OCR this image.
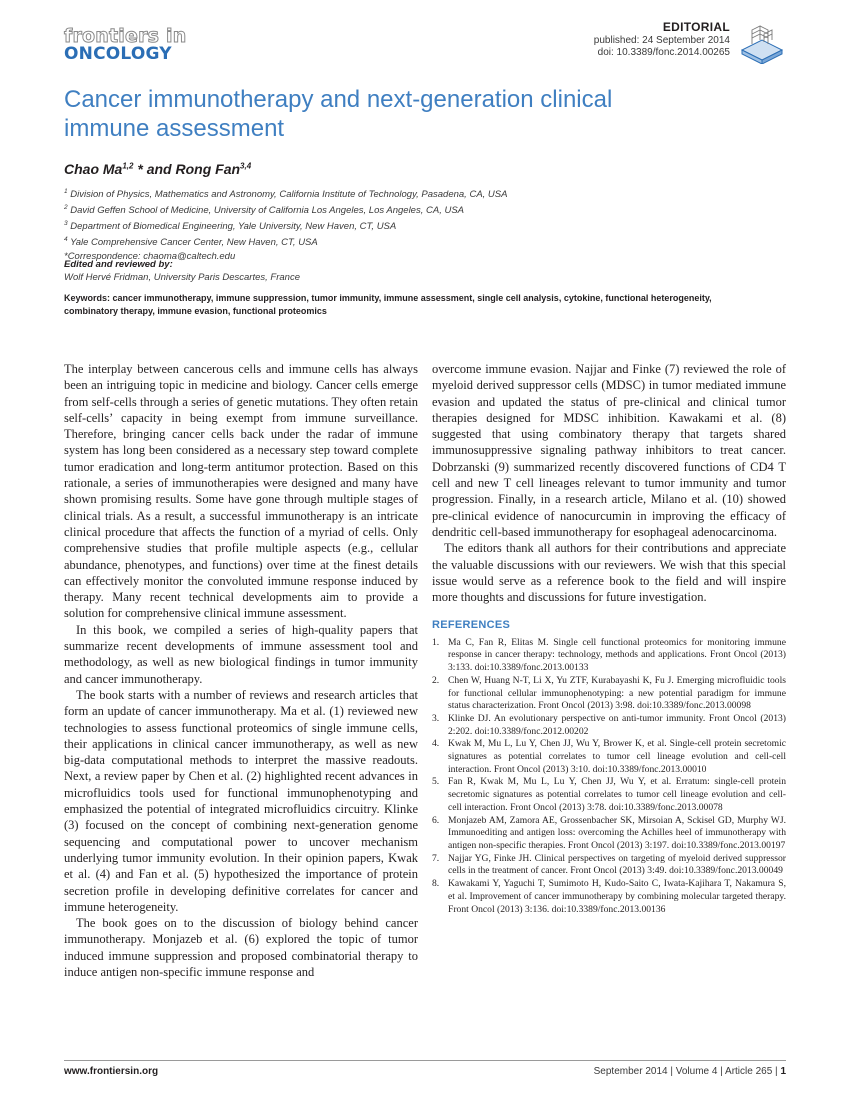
frontiers in
ONCOLOGY
EDITORIAL
published: 24 September 2014
doi: 10.3389/fonc.2014.00265
Cancer immunotherapy and next-generation clinical
immune assessment
Chao Ma$^{1,2}$ * and Rong Fan$^{3,4}$
$^1$ Division of Physics, Mathematics and Astronomy, California Institute of Technology, Pasadena, CA, USA
$^2$ David Geffen School of Medicine, University of California Los Angeles, Los Angeles, CA, USA
$^3$ Department of Biomedical Engineering, Yale University, New Haven, CT, USA
$^4$ Yale Comprehensive Cancer Center, New Haven, CT, USA
*Correspondence: chaoma@caltech.edu
Edited and reviewed by:
Wolf Hervé Fridman, University Paris Descartes, France
Keywords: cancer immunotherapy, immune suppression, tumor immunity, immune assessment, single cell analysis, cytokine, functional heterogeneity,
combinatory therapy, immune evasion, functional proteomics

The interplay between cancerous cells and immune cells has always been an intriguing topic in medicine and biology. Cancer cells emerge from self-cells through a series of genetic mutations. They often retain self-cells’ capacity in being exempt from immune surveillance. Therefore, bringing cancer cells back under the radar of immune system has long been considered as a necessary step toward complete tumor eradication and long-term antitumor protection. Based on this rationale, a series of immunotherapies were designed and many have shown promising results. Some have gone through multiple stages of clinical trials. As a result, a successful immunotherapy is an intricate clinical procedure that affects the function of a myriad of cells. Only comprehensive studies that profile multiple aspects (e.g., cellular abundance, phenotypes, and functions) over time at the finest details can effectively monitor the convoluted immune response induced by therapy. Many recent technical developments aim to provide a solution for comprehensive clinical immune assessment.

In this book, we compiled a series of high-quality papers that summarize recent developments of immune assessment tool and methodology, as well as new biological findings in tumor immunity and cancer immunotherapy.

The book starts with a number of reviews and research articles that form an update of cancer immunotherapy. Ma et al. (1) reviewed new technologies to assess functional proteomics of single immune cells, their applications in clinical cancer immunotherapy, as well as new big-data computational methods to interpret the massive readouts. Next, a review paper by Chen et al. (2) highlighted recent advances in microfluidics tools used for functional immunophenotyping and emphasized the potential of integrated microfluidics circuitry. Klinke (3) focused on the concept of combining next-generation genome sequencing and computational power to uncover mechanism underlying tumor immunity evolution. In their opinion papers, Kwak et al. (4) and Fan et al. (5) hypothesized the importance of protein secretion profile in developing definitive correlates for cancer and immune heterogeneity.

The book goes on to the discussion of biology behind cancer immunotherapy. Monjazeb et al. (6) explored the topic of tumor induced immune suppression and proposed combinatorial therapy to induce antigen non-specific immune response and

overcome immune evasion. Najjar and Finke (7) reviewed the role of myeloid derived suppressor cells (MDSC) in tumor mediated immune evasion and updated the status of pre-clinical and clinical tumor therapies designed for MDSC inhibition. Kawakami et al. (8) suggested that using combinatory therapy that targets shared immunosuppressive signaling pathway inhibitors to treat cancer. Dobrzanski (9) summarized recently discovered functions of CD4 T cell and new T cell lineages relevant to tumor immunity and tumor progression. Finally, in a research article, Milano et al. (10) showed pre-clinical evidence of nanocurcumin in improving the efficacy of dendritic cell-based immunotherapy for esophageal adenocarcinoma.

The editors thank all authors for their contributions and appreciate the valuable discussions with our reviewers. We wish that this special issue would serve as a reference book to the field and will inspire more thoughts and discussions for future investigation.

REFERENCES
1. Ma C, Fan R, Elitas M. Single cell functional proteomics for monitoring immune response in cancer therapy: technology, methods and applications. Front Oncol (2013) 3:133. doi:10.3389/fonc.2013.00133
2. Chen W, Huang N-T, Li X, Yu ZTF, Kurabayashi K, Fu J. Emerging microfluidic tools for functional cellular immunophenotyping: a new potential paradigm for immune status characterization. Front Oncol (2013) 3:98. doi:10.3389/fonc.2013.00098
3. Klinke DJ. An evolutionary perspective on anti-tumor immunity. Front Oncol (2013) 2:202. doi:10.3389/fonc.2012.00202
4. Kwak M, Mu L, Lu Y, Chen JJ, Wu Y, Brower K, et al. Single-cell protein secretomic signatures as potential correlates to tumor cell lineage evolution and cell-cell interaction. Front Oncol (2013) 3:10. doi:10.3389/fonc.2013.00010
5. Fan R, Kwak M, Mu L, Lu Y, Chen JJ, Wu Y, et al. Erratum: single-cell protein secretomic signatures as potential correlates to tumor cell lineage evolution and cell-cell interaction. Front Oncol (2013) 3:78. doi:10.3389/fonc.2013.00078
6. Monjazeb AM, Zamora AE, Grossenbacher SK, Mirsoian A, Sckisel GD, Murphy WJ. Immunoediting and antigen loss: overcoming the Achilles heel of immunotherapy with antigen non-specific therapies. Front Oncol (2013) 3:197. doi:10.3389/fonc.2013.00197
7. Najjar YG, Finke JH. Clinical perspectives on targeting of myeloid derived suppressor cells in the treatment of cancer. Front Oncol (2013) 3:49. doi:10.3389/fonc.2013.00049
8. Kawakami Y, Yaguchi T, Sumimoto H, Kudo-Saito C, Iwata-Kajihara T, Nakamura S, et al. Improvement of cancer immunotherapy by combining molecular targeted therapy. Front Oncol (2013) 3:136. doi:10.3389/fonc.2013.00136
www.frontiersin.org	September 2014 | Volume 4 | Article 265 | 1
